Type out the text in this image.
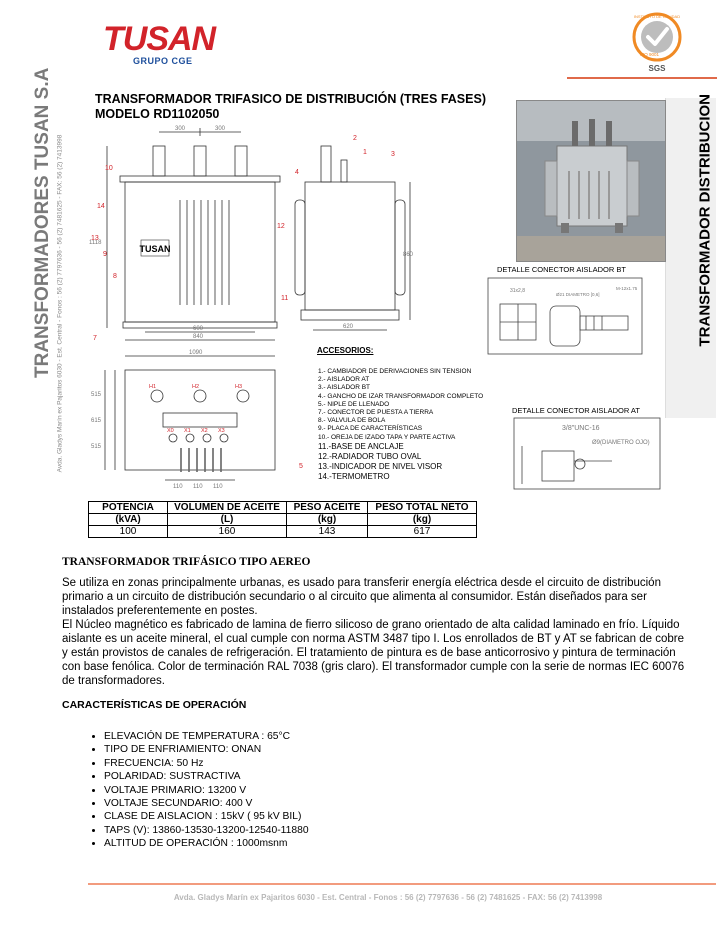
TUSAN
GRUPO CGE
INSTITUTO DE CALIDAD
ISO 9001
SGS
TRANSFORMADORES TUSAN S.A Avda. Gladys Marín ex Pajaritos 6030 - Est. Central - Fonos : 56 (2) 7797636 - 56 (2) 7481625 - FAX: 56 (2) 7413998	TRANSFORMADOR DISTRIBUCION
TRANSFORMADOR TRIFASICO DE DISTRIBUCIÓN (TRES FASES)
MODELO RD1102050
TUSAN
300	300
600
840
1118
860
620
1
2
3
4
7
8
9
10
11
12
13
14
1090
515
615
515
110 110 110
H1	H2	H3
X0 X1 X2 X3
5
DETALLE CONECTOR AISLADOR BT
31x2,8
Ø21 DIAMETRO [0,6]
M-12x1.75
DETALLE CONECTOR AISLADOR AT
3/8"UNC-16
Ø9(DIAMETRO OJO)
ACCESORIOS:
1.- CAMBIADOR DE DERIVACIONES SIN TENSION
2.- AISLADOR AT
3.- AISLADOR BT
4.- GANCHO DE IZAR TRANSFORMADOR COMPLETO
5.- NIPLE DE LLENADO
7.- CONECTOR DE PUESTA A TIERRA
8.- VALVULA DE BOLA
9.- PLACA DE CARACTERÍSTICAS
10.- OREJA DE IZADO TAPA Y PARTE ACTIVA
11.-BASE DE ANCLAJE
12.-RADIADOR TUBO OVAL
13.-INDICADOR DE NIVEL VISOR
14.-TERMOMETRO
POTENCIA	VOLUMEN DE ACEITE	PESO ACEITE	PESO TOTAL NETO
(kVA)	(L)	(kg)	(kg)
100	160	143	617
TRANSFORMADOR TRIFÁSICO TIPO AEREO

Se utiliza en zonas principalmente urbanas, es usado para transferir energía eléctrica desde el circuito de distribución primario a un circuito de distribución secundario o al circuito que alimenta al consumidor. Están diseñados para ser instalados preferentemente en postes.

El Núcleo magnético es fabricado de lamina de fierro silicoso de grano orientado de alta calidad laminado en frío. Líquido aislante es un aceite mineral, el cual cumple con norma ASTM 3487 tipo I. Los enrollados de BT y AT se fabrican de cobre y están provistos de canales de refrigeración. El tratamiento de pintura es de base anticorrosivo y pintura de terminación con base fenólica. Color de terminación RAL 7038 (gris claro). El transformador cumple con la serie de normas IEC 60076 de transformadores.

CARACTERÍSTICAS DE OPERACIÓN
• ELEVACIÓN DE TEMPERATURA : 65°C
• TIPO DE ENFRIAMIENTO: ONAN
• FRECUENCIA: 50 Hz
• POLARIDAD: SUSTRACTIVA
• VOLTAJE PRIMARIO: 13200 V
• VOLTAJE SECUNDARIO: 400 V
• CLASE DE AISLACION : 15kV ( 95 kV BIL)
• TAPS (V): 13860-13530-13200-12540-11880
• ALTITUD DE OPERACIÓN : 1000msnm
Avda. Gladys Marín ex Pajaritos 6030 - Est. Central - Fonos : 56 (2) 7797636 - 56 (2) 7481625 - FAX: 56 (2) 7413998
